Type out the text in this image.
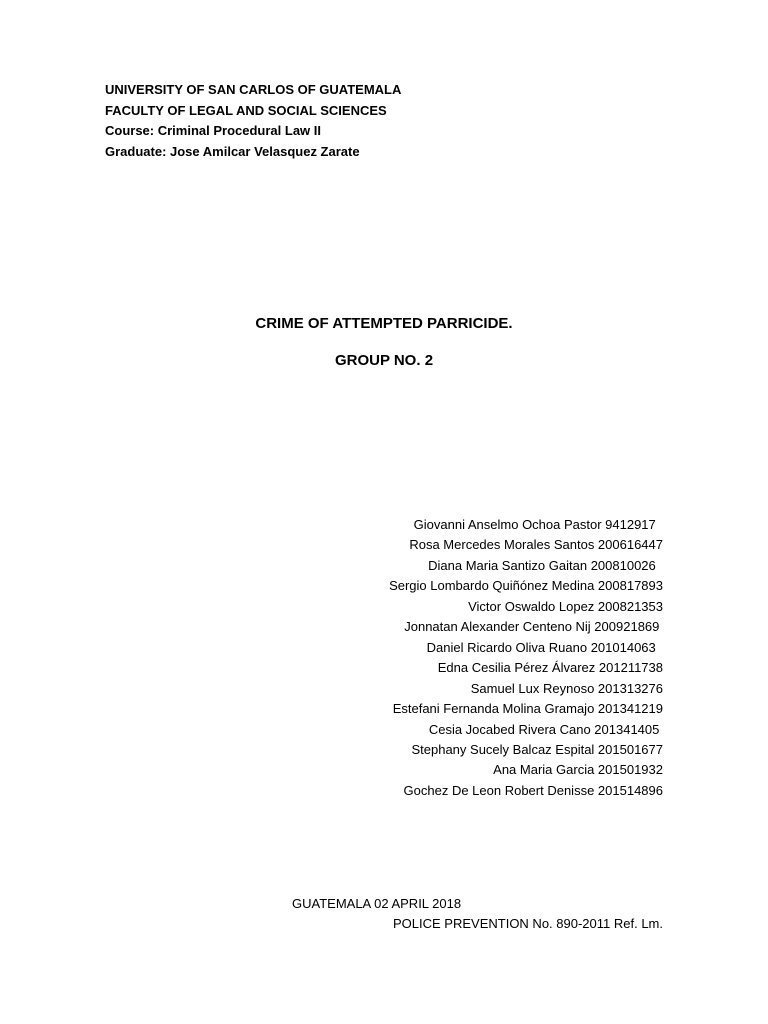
UNIVERSITY OF SAN CARLOS OF GUATEMALA
FACULTY OF LEGAL AND SOCIAL SCIENCES
Course: Criminal Procedural Law II
Graduate: Jose Amilcar Velasquez Zarate
CRIME OF ATTEMPTED PARRICIDE.
GROUP NO. 2
Giovanni Anselmo Ochoa Pastor 9412917
Rosa Mercedes Morales Santos 200616447
Diana Maria Santizo Gaitan 200810026
Sergio Lombardo Quiñónez Medina 200817893
Victor Oswaldo Lopez 200821353
Jonnatan Alexander Centeno Nij 200921869
Daniel Ricardo Oliva Ruano 201014063
Edna Cesilia Pérez Álvarez 201211738
Samuel Lux Reynoso 201313276
Estefani Fernanda Molina Gramajo 201341219
Cesia Jocabed Rivera Cano 201341405
Stephany Sucely Balcaz Espital 201501677
Ana Maria Garcia 201501932
Gochez De Leon Robert Denisse 201514896
GUATEMALA 02 APRIL 2018
POLICE PREVENTION No. 890-2011 Ref. Lm.
